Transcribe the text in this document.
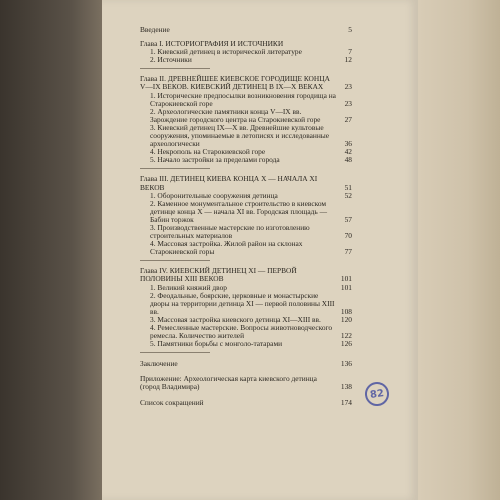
Введение	5
Глава I. ИСТОРИОГРАФИЯ И ИСТОЧНИКИ
1. Киевский детинец в исторической литературе	7
2. Источники	12
Глава II. ДРЕВНЕЙШЕЕ КИЕВСКОЕ ГОРОДИЩЕ КОНЦА V—IX ВЕКОВ. КИЕВСКИЙ ДЕТИНЕЦ В IX—X ВЕКАХ	23
1. Исторические предпосылки возникновения городища на Старокиевской горе	23
2. Археологические памятники конца V—IX вв. Зарождение городского центра на Старокиевской горе	27
3. Киевский детинец IX—X вв. Древнейшие культовые сооружения, упоминаемые в летописях и исследованные археологически	36
4. Некрополь на Старокиевской горе	42
5. Начало застройки за пределами города	48
Глава III. ДЕТИНЕЦ КИЕВА КОНЦА X — НАЧАЛА XI ВЕКОВ	51
1. Оборонительные сооружения детинца	52
2. Каменное монументальное строительство в киевском детинце конца X — начала XI вв. Городская площадь — Бабин торжок	57
3. Производственные мастерские по изготовлению строительных материалов	70
4. Массовая застройка. Жилой район на склонах Старокиевской горы	77
Глава IV. КИЕВСКИЙ ДЕТИНЕЦ XI — ПЕРВОЙ ПОЛОВИНЫ XIII ВЕКОВ	101
1. Великий княжий двор	101
2. Феодальные, боярские, церковные и монастырские дворы на территории детинца XI — первой половины XIII вв.	108
3. Массовая застройка киевского детинца XI—XIII вв.	120
4. Ремесленные мастерские. Вопросы животноводческого ремесла. Количество жителей	122
5. Памятники борьбы с монголо-татарами	126
Заключение	136
Приложение: Археологическая карта киевского детинца (город Владимира)	138
Список сокращений	174
82
